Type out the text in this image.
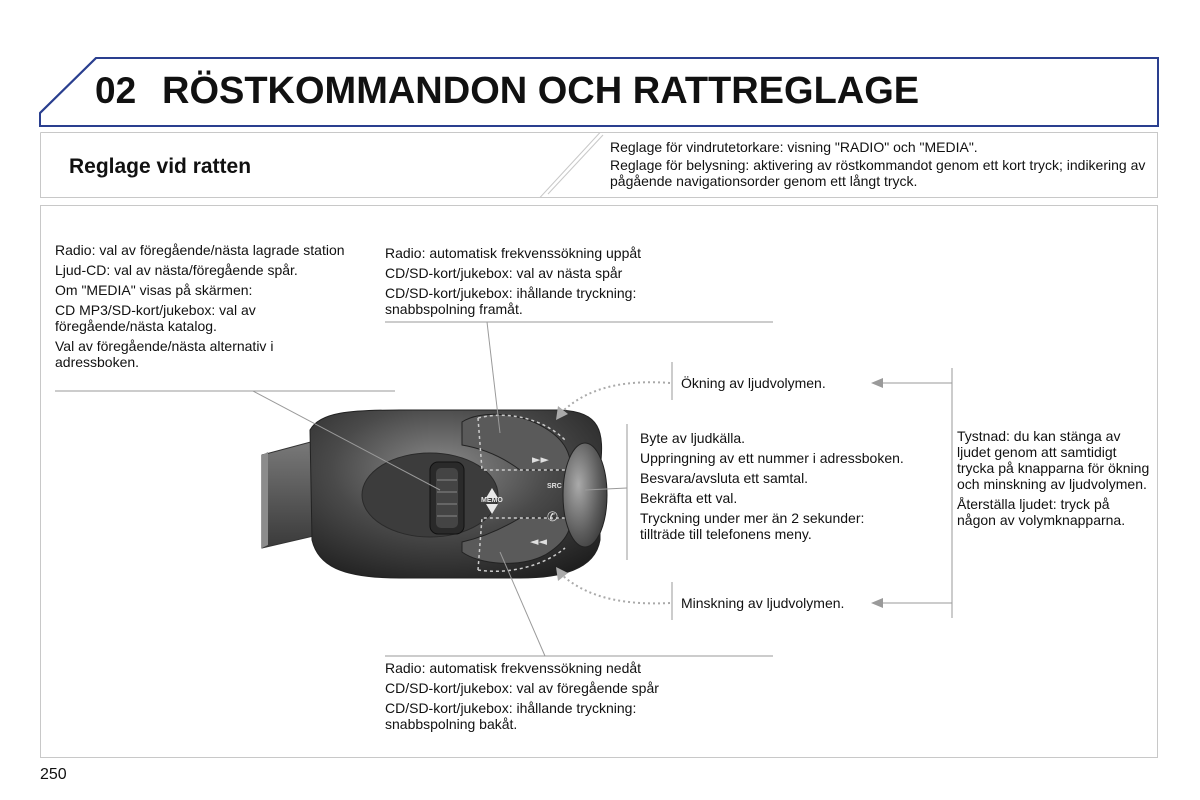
02 RÖSTKOMMANDON OCH RATTREGLAGE
Reglage vid ratten

Reglage för vindrutetorkare: visning "RADIO" och "MEDIA".

Reglage för belysning: aktivering av röstkommandot genom ett kort tryck; indikering av pågående navigationsorder genom ett långt tryck.

MEMO
►►
◄◄
SRC
✆

Radio: val av föregående/nästa lagrade station

Ljud-CD: val av nästa/föregående spår.

Om "MEDIA" visas på skärmen:

CD MP3/SD-kort/jukebox: val av föregående/nästa katalog.

Val av föregående/nästa alternativ i adressboken.

Radio: automatisk frekvenssökning uppåt

CD/SD-kort/jukebox: val av nästa spår

CD/SD-kort/jukebox: ihållande tryckning: snabbspolning framåt.

Ökning av ljudvolymen.

Byte av ljudkälla.

Uppringning av ett nummer i adressboken.

Besvara/avsluta ett samtal.

Bekräfta ett val.

Tryckning under mer än 2 sekunder: tillträde till telefonens meny.

Tystnad: du kan stänga av ljudet genom att samtidigt trycka på knapparna för ökning och minskning av ljudvolymen.

Återställa ljudet: tryck på någon av volymknapparna.

Minskning av ljudvolymen.

Radio: automatisk frekvenssökning nedåt

CD/SD-kort/jukebox: val av föregående spår

CD/SD-kort/jukebox: ihållande tryckning: snabbspolning bakåt.

250
